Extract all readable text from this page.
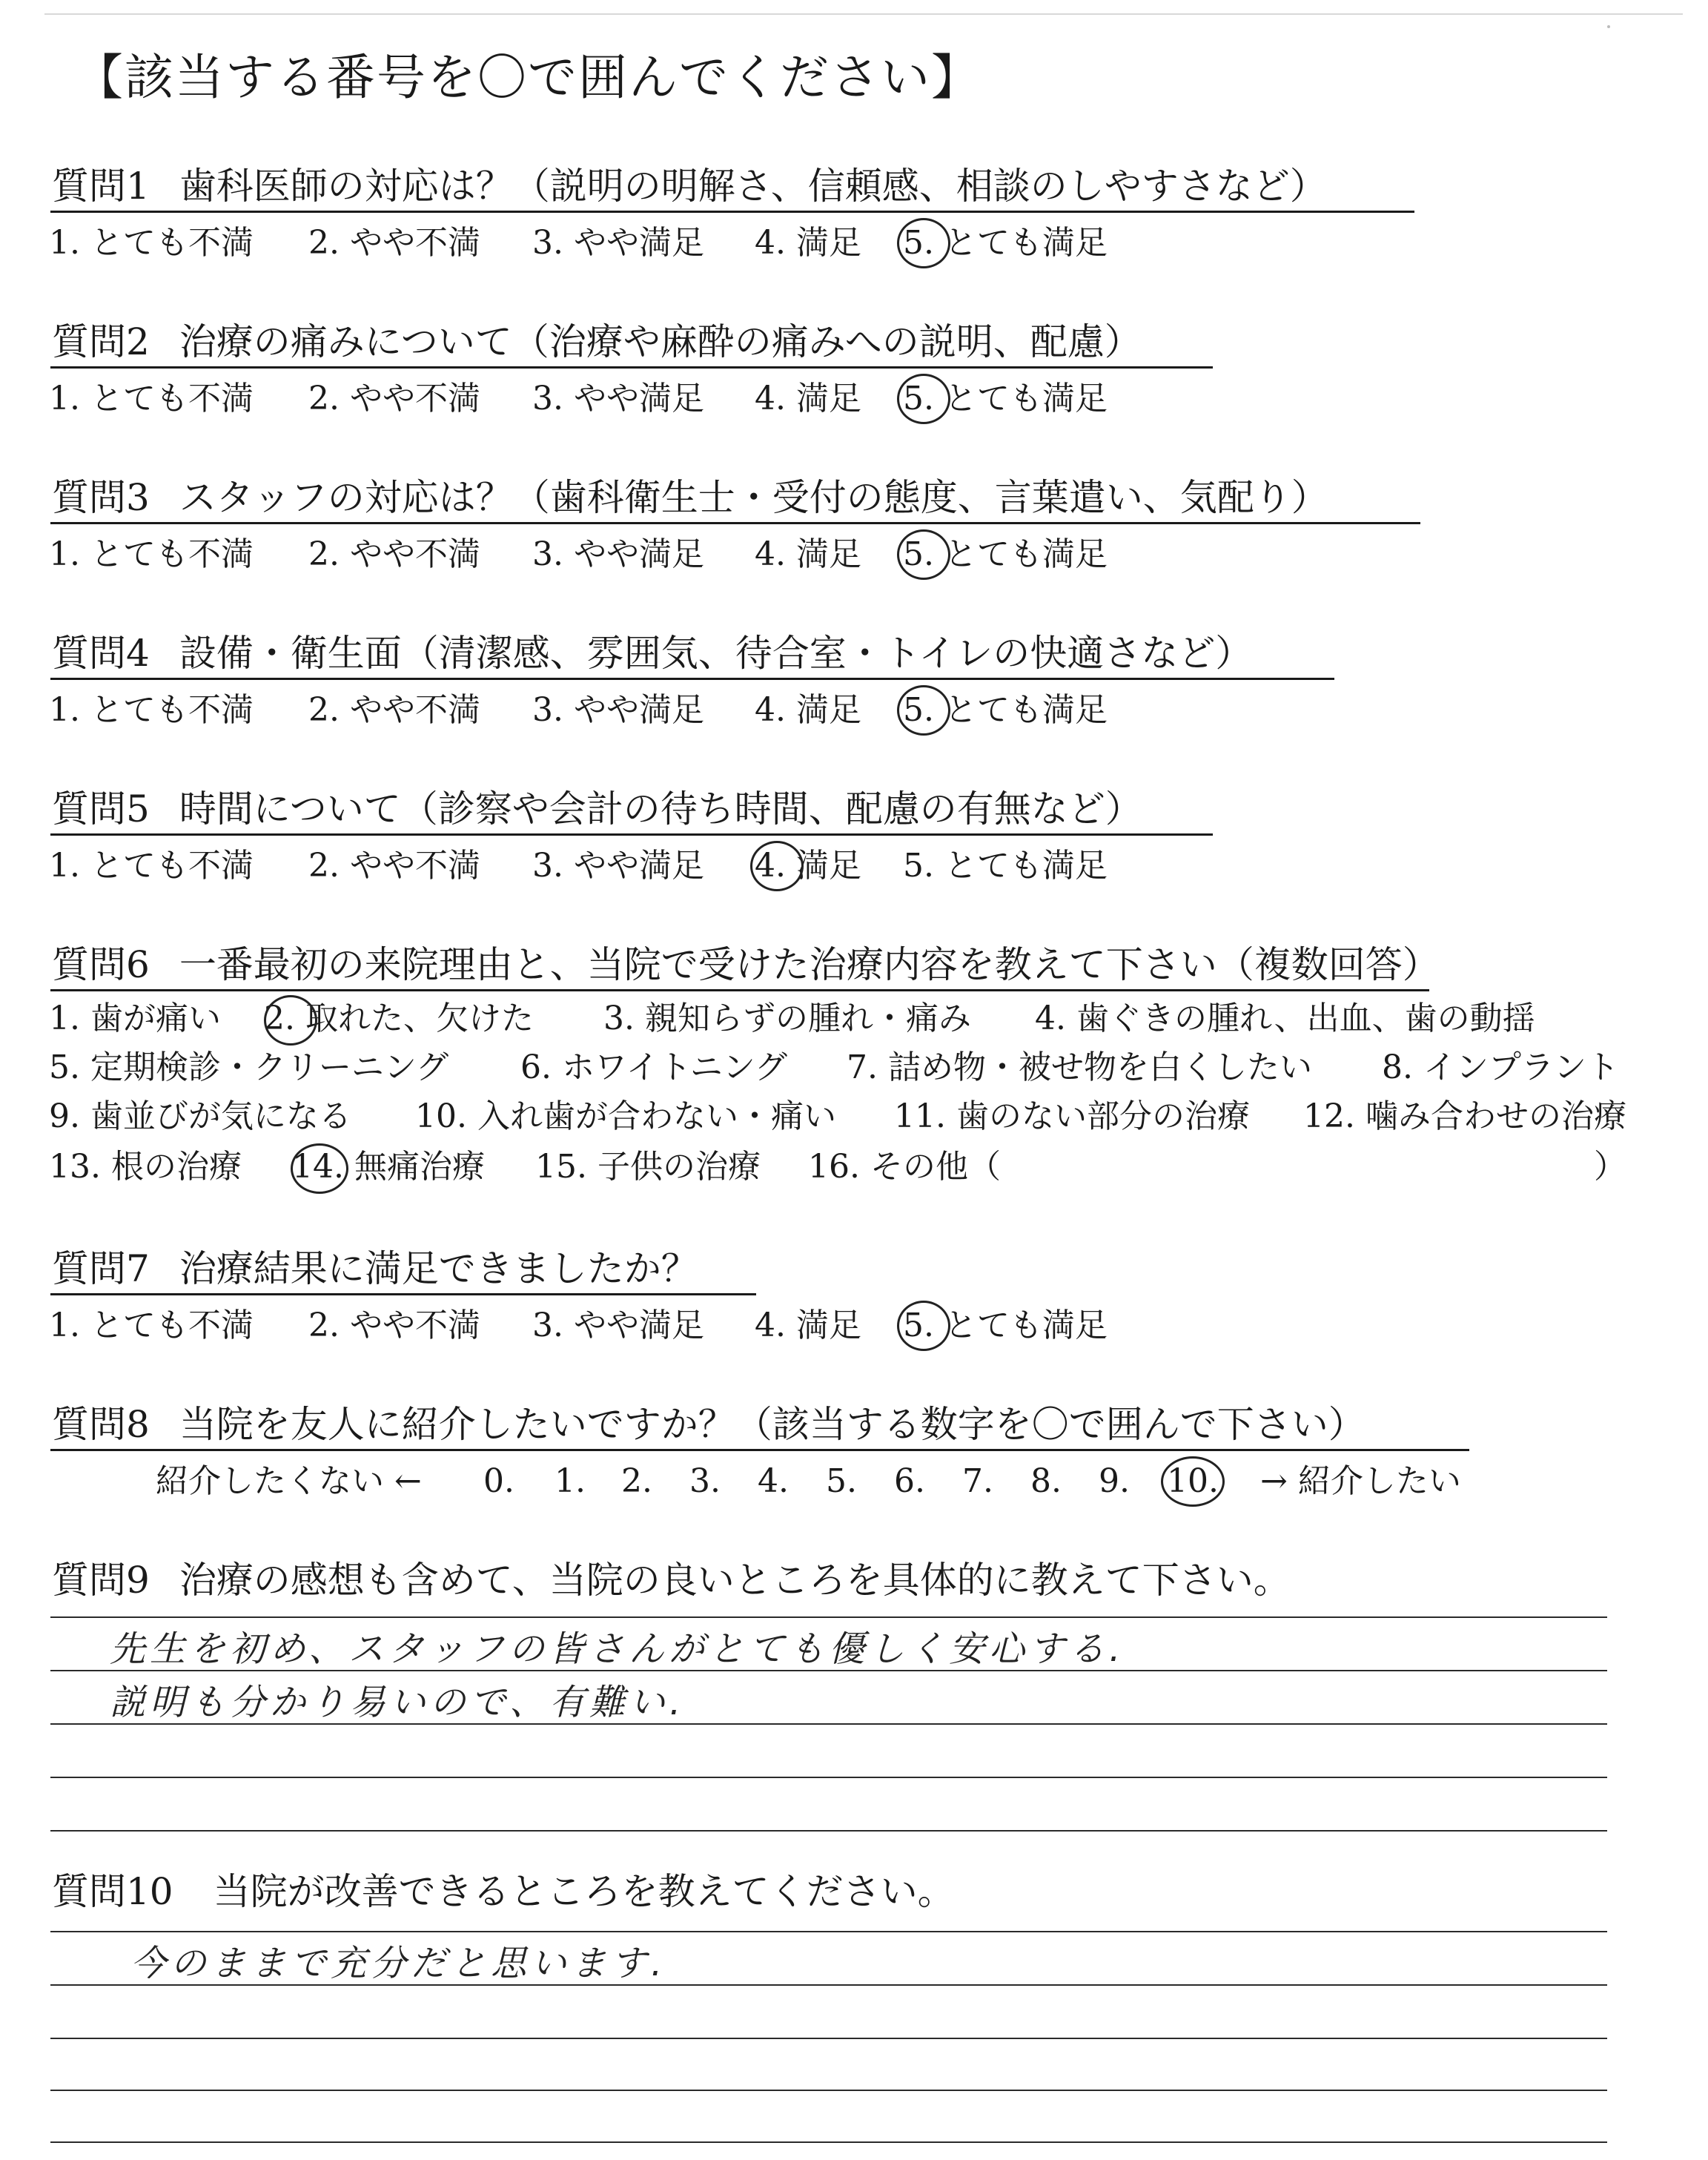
【該当する番号を〇で囲んでください】
質問1 歯科医師の対応は？（説明の明解さ、信頼感、相談のしやすさなど）
質問2 治療の痛みについて（治療や麻酔の痛みへの説明、配慮）
質問3 スタッフの対応は？（歯科衛生士・受付の態度、言葉遣い、気配り）
質問4 設備・衛生面（清潔感、雰囲気、待合室・トイレの快適さなど）
質問5 時間について（診察や会計の待ち時間、配慮の有無など）
質問6 一番最初の来院理由と、当院で受けた治療内容を教えて下さい（複数回答）
1. 歯が痛い 2. 取れた、欠けた 3. 親知らずの腫れ・痛み 4. 歯ぐきの腫れ、出血、歯の動揺
5. 定期検診・クリーニング 6. ホワイトニング 7. 詰め物・被せ物を白くしたい 8. インプラント
9. 歯並びが気になる 10. 入れ歯が合わない・痛い 11. 歯のない部分の治療 12. 噛み合わせの治療
13. 根の治療 14. 無痛治療 15. 子供の治療 16. その他（	）
質問7 治療結果に満足できましたか？
質問8 当院を友人に紹介したいですか？（該当する数字を〇で囲んで下さい）
紹介したくない ←	→ 紹介したい
質問9 治療の感想も含めて、当院の良いところを具体的に教えて下さい。
先生を初め、スタッフの皆さんがとても優しく安心する.
説明も分かり易いので、有難い.
質問10 当院が改善できるところを教えてください。
今のままで充分だと思います.
1. とても不満 2. やや不満 3. やや満足 4. 満足 5. とても満足
1. とても不満 2. やや不満 3. やや満足 4. 満足 5. とても満足
1. とても不満 2. やや不満 3. やや満足 4. 満足 5. とても満足
1. とても不満 2. やや不満 3. やや満足 4. 満足 5. とても満足
1. とても不満 2. やや不満 3. やや満足 4. 満足 5. とても満足
1. とても不満 2. やや不満 3. やや満足 4. 満足 5. とても満足
0. 1. 2. 3. 4. 5. 6. 7. 8. 9. 10.
